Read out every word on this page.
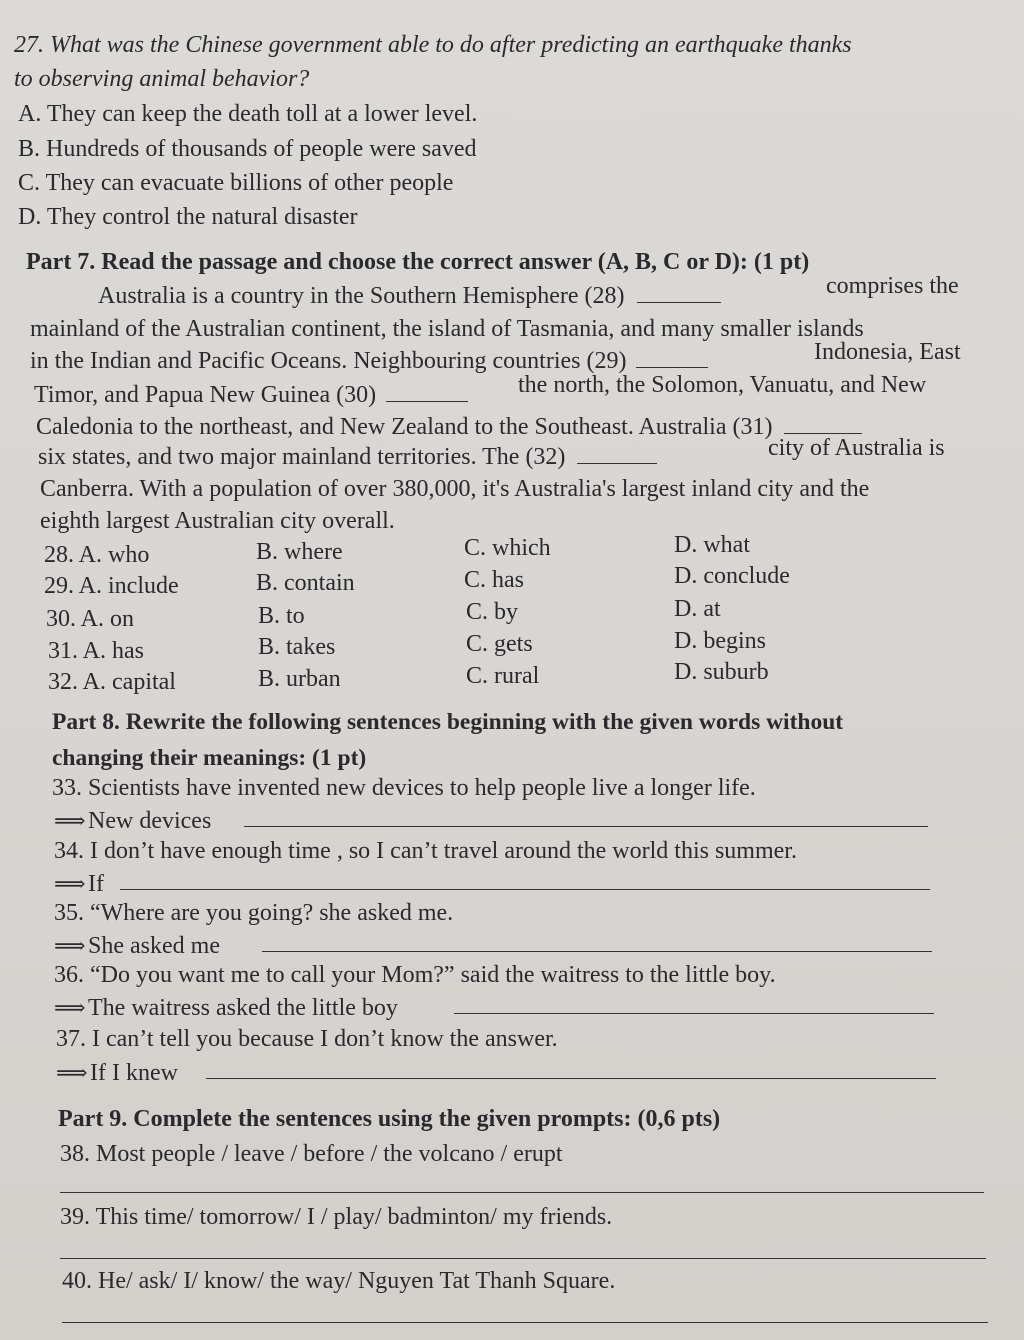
27. What was the Chinese government able to do after predicting an earthquake thanks
to observing animal behavior?
A. They can keep the death toll at a lower level.
B. Hundreds of thousands of people were saved
C. They can evacuate billions of other people
D. They control the natural disaster
Part 7. Read the passage and choose the correct answer (A, B, C or D): (1 pt)
Australia is a country in the Southern Hemisphere (28)	comprises the
mainland of the Australian continent, the island of Tasmania, and many smaller islands
in the Indian and Pacific Oceans. Neighbouring countries (29)	Indonesia, East
Timor, and Papua New Guinea (30)	the north, the Solomon, Vanuatu, and New
Caledonia to the northeast, and New Zealand to the Southeast. Australia (31)
six states, and two major mainland territories. The (32)	city of Australia is
Canberra. With a population of over 380,000, it's Australia's largest inland city and the
eighth largest Australian city overall.
28. A. who	B. where	C. which	D. what
29. A. include	B. contain	C. has	D. conclude
30. A. on	B. to	C. by	D. at
31. A. has	B. takes	C. gets	D. begins
32. A. capital	B. urban	C. rural	D. suburb
Part 8. Rewrite the following sentences beginning with the given words without
changing their meanings: (1 pt)
33. Scientists have invented new devices to help people live a longer life.
⟹ New devices
34. I don’t have enough time , so I can’t travel around the world this summer.
⟹ If
35. “Where are you going? she asked me.
⟹ She asked me
36. “Do you want me to call your Mom?” said the waitress to the little boy.
⟹ The waitress asked the little boy
37. I can’t tell you because I don’t know the answer.
⟹ If I knew
Part 9. Complete the sentences using the given prompts: (0,6 pts)
38. Most people / leave / before / the volcano / erupt
39. This time/ tomorrow/ I / play/ badminton/ my friends.
40. He/ ask/ I/ know/ the way/ Nguyen Tat Thanh Square.
